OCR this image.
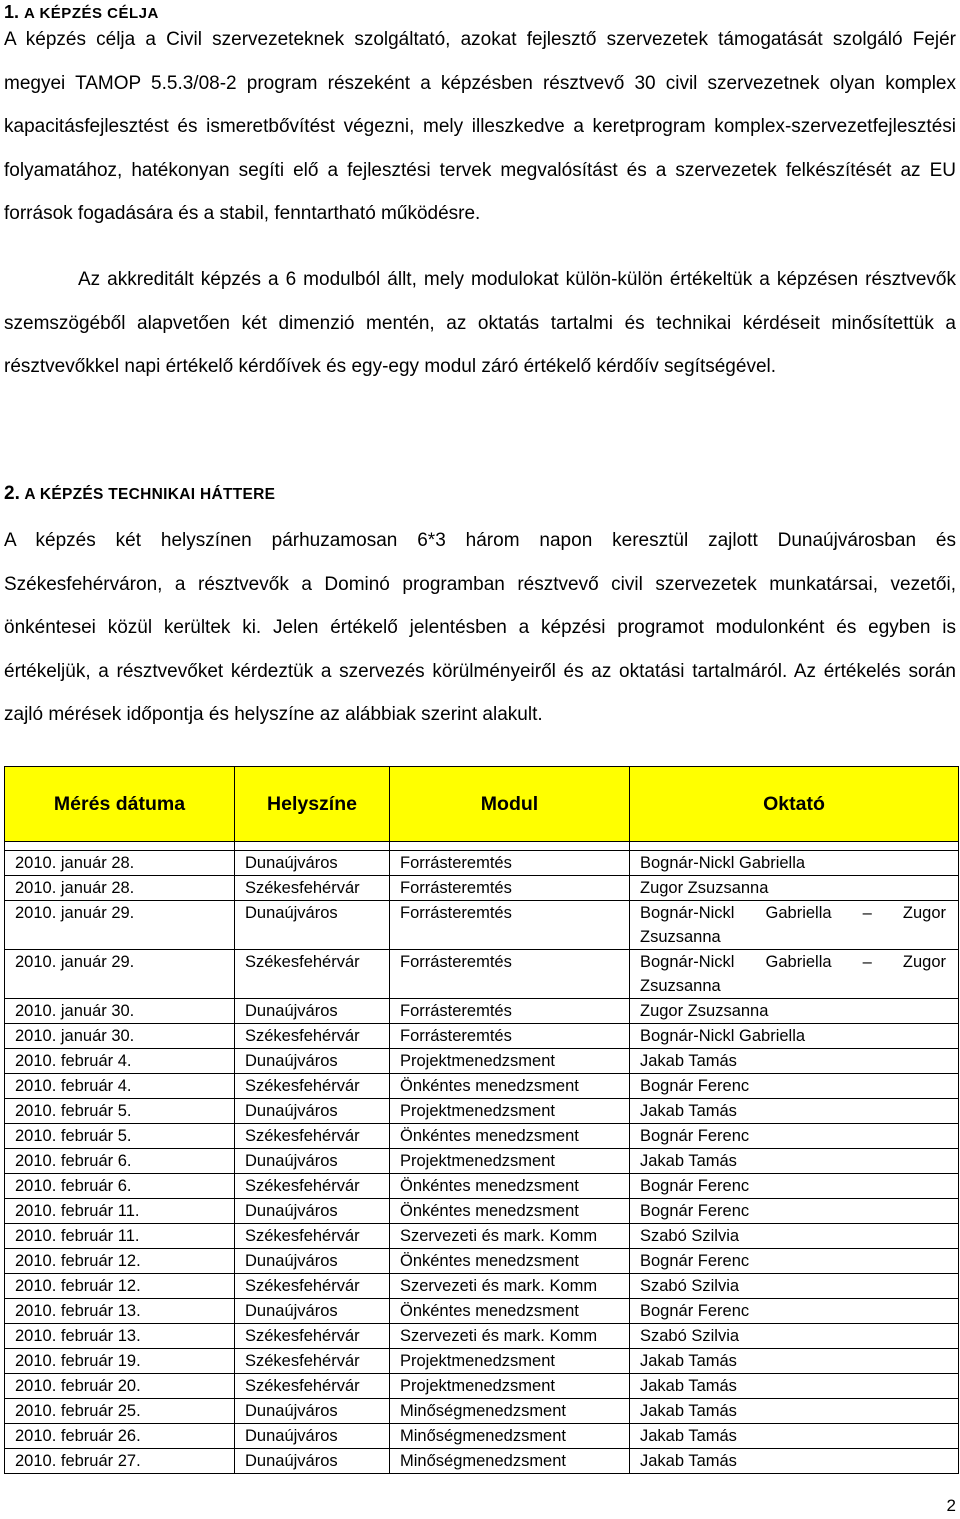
1. A KÉPZÉS CÉLJA
A képzés célja a Civil szervezeteknek szolgáltató, azokat fejlesztő szervezetek támogatását szolgáló Fejér megyei TAMOP 5.5.3/08-2 program részeként a képzésben résztvevő 30 civil szervezetnek olyan komplex kapacitásfejlesztést és ismeretbővítést végezni, mely illeszkedve a keretprogram komplex-szervezetfejlesztési folyamatához, hatékonyan segíti elő a fejlesztési tervek megvalósítást és a szervezetek felkészítését az EU források fogadására és a stabil, fenntartható működésre.
Az akkreditált képzés a 6 modulból állt, mely modulokat külön-külön értékeltük a képzésen résztvevők szemszögéből alapvetően két dimenzió mentén, az oktatás tartalmi és technikai kérdéseit minősítettük a résztvevőkkel napi értékelő kérdőívek és egy-egy modul záró értékelő kérdőív segítségével.
2. A KÉPZÉS TECHNIKAI HÁTTERE
A képzés két helyszínen párhuzamosan 6*3 három napon keresztül zajlott Dunaújvárosban és Székesfehérváron, a résztvevők a Dominó programban résztvevő civil szervezetek munkatársai, vezetői, önkéntesei közül kerültek ki. Jelen értékelő jelentésben a képzési programot modulonként és egyben is értékeljük, a résztvevőket kérdeztük a szervezés körülményeiről és az oktatási tartalmáról. Az értékelés során zajló mérések időpontja és helyszíne az alábbiak szerint alakult.
Mérés dátuma	Helyszíne	Modul	Oktató

2010. január 28.	Dunaújváros	Forrásteremtés	Bognár-Nickl Gabriella
2010. január 28.	Székesfehérvár	Forrásteremtés	Zugor Zsuzsanna
2010. január 29.	Dunaújváros	Forrásteremtés	Bognár-Nickl Gabriella – Zugor Zsuzsanna
2010. január 29.	Székesfehérvár	Forrásteremtés	Bognár-Nickl Gabriella – Zugor Zsuzsanna
2010. január 30.	Dunaújváros	Forrásteremtés	Zugor Zsuzsanna
2010. január 30.	Székesfehérvár	Forrásteremtés	Bognár-Nickl Gabriella
2010. február 4.	Dunaújváros	Projektmenedzsment	Jakab Tamás
2010. február 4.	Székesfehérvár	Önkéntes menedzsment	Bognár Ferenc
2010. február 5.	Dunaújváros	Projektmenedzsment	Jakab Tamás
2010. február 5.	Székesfehérvár	Önkéntes menedzsment	Bognár Ferenc
2010. február 6.	Dunaújváros	Projektmenedzsment	Jakab Tamás
2010. február 6.	Székesfehérvár	Önkéntes menedzsment	Bognár Ferenc
2010. február 11.	Dunaújváros	Önkéntes menedzsment	Bognár Ferenc
2010. február 11.	Székesfehérvár	Szervezeti és mark. Komm	Szabó Szilvia
2010. február 12.	Dunaújváros	Önkéntes menedzsment	Bognár Ferenc
2010. február 12.	Székesfehérvár	Szervezeti és mark. Komm	Szabó Szilvia
2010. február 13.	Dunaújváros	Önkéntes menedzsment	Bognár Ferenc
2010. február 13.	Székesfehérvár	Szervezeti és mark. Komm	Szabó Szilvia
2010. február 19.	Székesfehérvár	Projektmenedzsment	Jakab Tamás
2010. február 20.	Székesfehérvár	Projektmenedzsment	Jakab Tamás
2010. február 25.	Dunaújváros	Minőségmenedzsment	Jakab Tamás
2010. február 26.	Dunaújváros	Minőségmenedzsment	Jakab Tamás
2010. február 27.	Dunaújváros	Minőségmenedzsment	Jakab Tamás
2
